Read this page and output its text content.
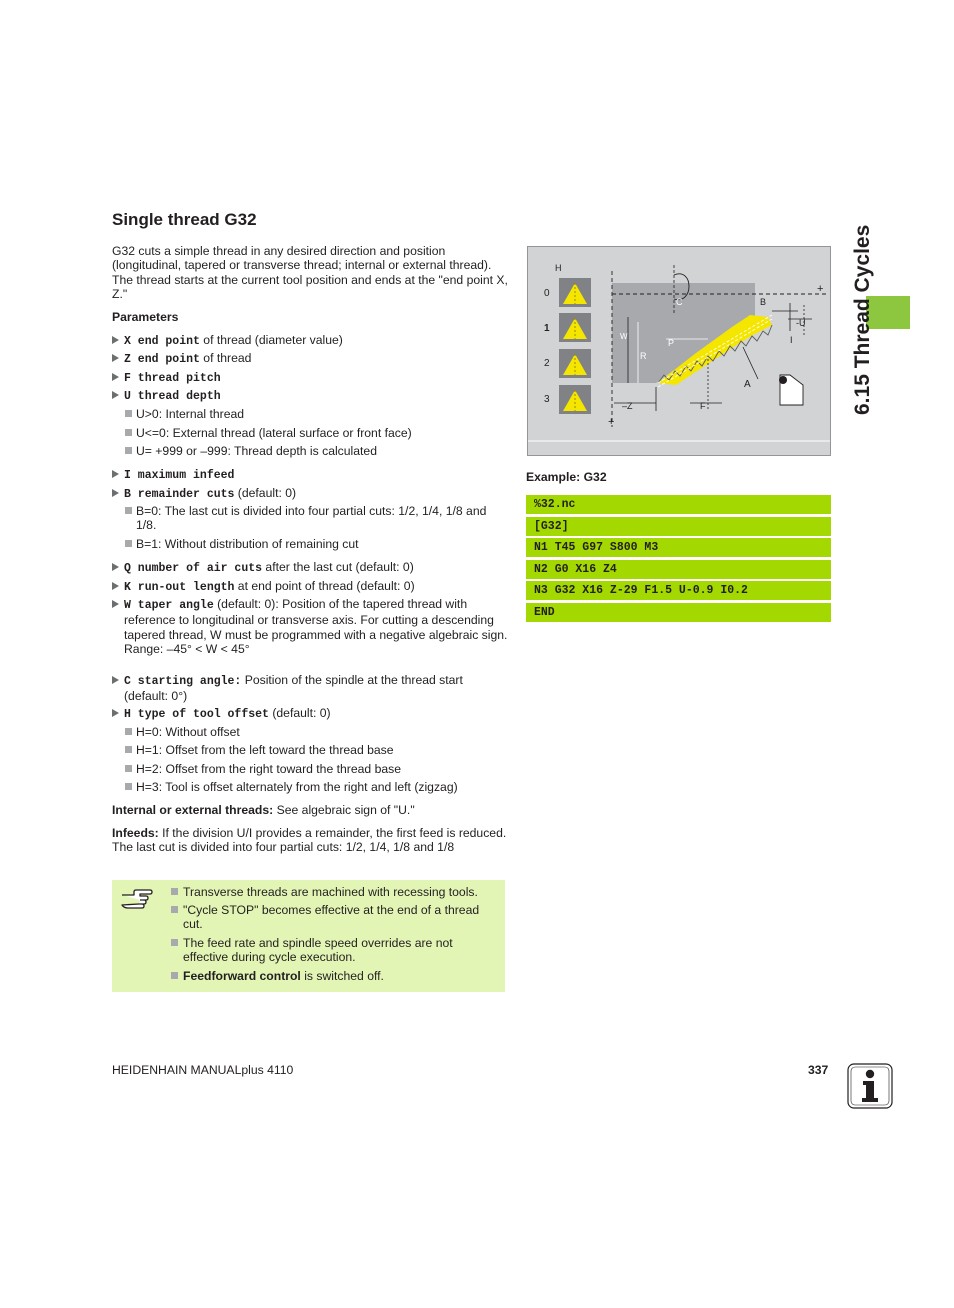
Single thread G32
6.15 Thread Cycles
G32 cuts a simple thread in any desired direction and position (longitudinal, tapered or transverse thread; internal or external thread). The thread starts at the current tool position and ends at the "end point X, Z."
Parameters
X end point of thread (diameter value)
Z end point of thread
F thread pitch
U thread depth
U>0: Internal thread
U<=0: External thread (lateral surface or front face)
U= +999 or –999: Thread depth is calculated
I maximum infeed
B remainder cuts (default: 0)
B=0: The last cut is divided into four partial cuts: 1/2, 1/4, 1/8 and 1/8.
B=1: Without distribution of remaining cut
Q number of air cuts after the last cut (default: 0)
K run-out length at end point of thread (default: 0)
W taper angle (default: 0): Position of the tapered thread with reference to longitudinal or transverse axis. For cutting a descending tapered thread, W must be programmed with a negative algebraic sign.
Range: –45° < W < 45°
C starting angle: Position of the spindle at the thread start (default: 0°)
H type of tool offset (default: 0)
H=0: Without offset
H=1: Offset from the left toward the thread base
H=2: Offset from the right toward the thread base
H=3: Tool is offset alternately from the right and left (zigzag)
Internal or external threads: See algebraic sign of "U."
Infeeds: If the division U/I provides a remainder, the first feed is reduced. The last cut is divided into four partial cuts: 1/2, 1/4, 1/8 and 1/8
Transverse threads are machined with recessing tools.
"Cycle STOP" becomes effective at the end of a thread cut.
The feed rate and spindle speed overrides are not effective during cycle execution.
Feedforward control is switched off.
H
0
1
2
3
C
P
R
W
A
B
-U
I
+
+
–Z	F
Example: G32
%32.nc
[G32]
N1 T45 G97 S800 M3
N2 G0 X16 Z4
N3 G32 X16 Z-29 F1.5 U-0.9 I0.2
END
HEIDENHAIN MANUALplus 4110	337
